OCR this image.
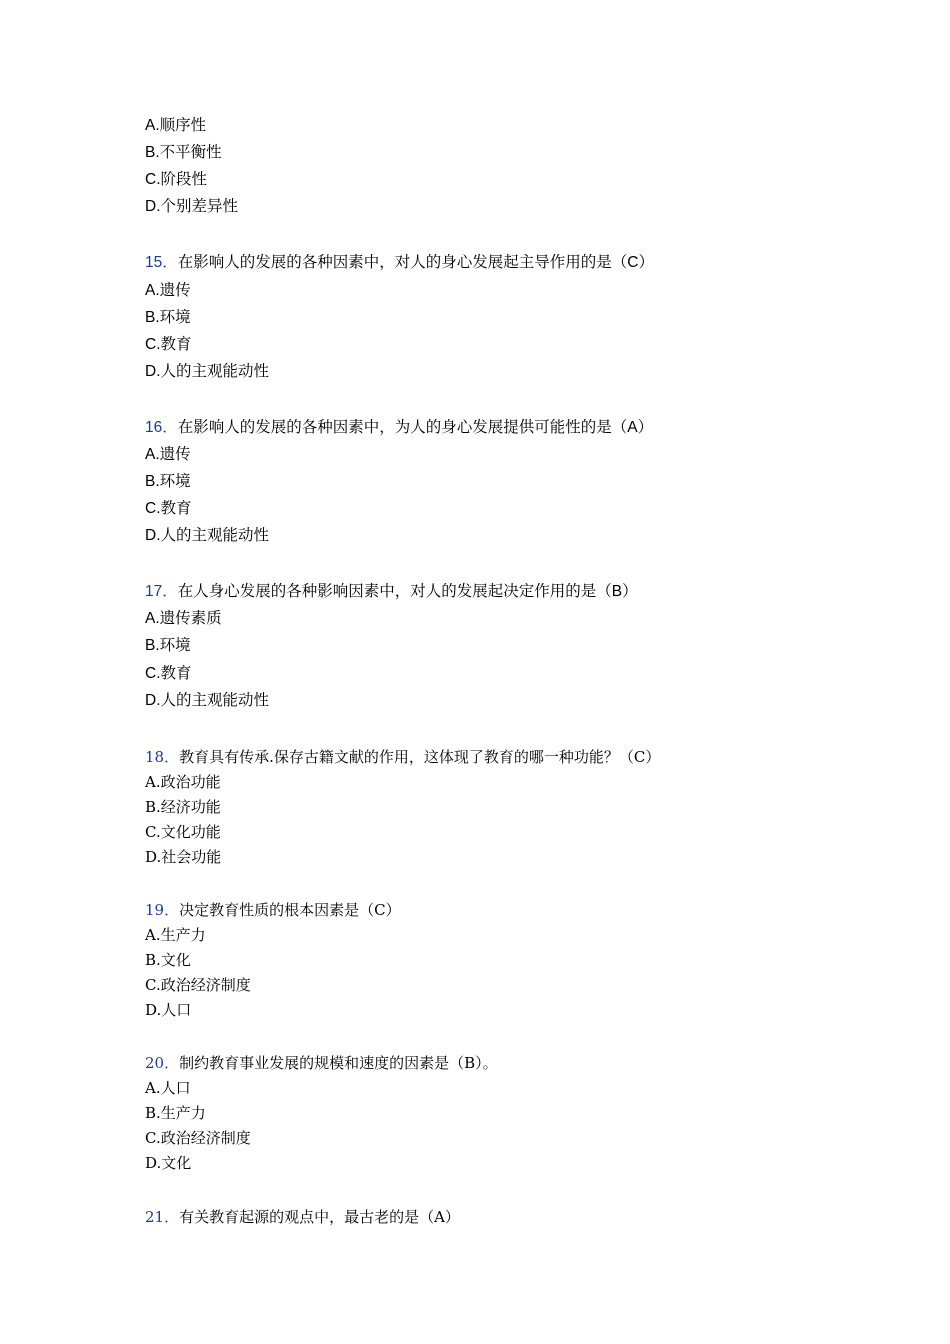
A.顺序性
B.不平衡性
C.阶段性
D.个别差异性
15．在影响人的发展的各种因素中，对人的身心发展起主导作用的是（C）
A.遗传
B.环境
C.教育
D.人的主观能动性
16．在影响人的发展的各种因素中，为人的身心发展提供可能性的是（A）
A.遗传
B.环境
C.教育
D.人的主观能动性
17．在人身心发展的各种影响因素中，对人的发展起决定作用的是（B）
A.遗传素质
B.环境
C.教育
D.人的主观能动性
18．教育具有传承.保存古籍文献的作用，这体现了教育的哪一种功能？（C）
A.政治功能
B.经济功能
C.文化功能
D.社会功能
19．决定教育性质的根本因素是（C）
A.生产力
B.文化
C.政治经济制度
D.人口
20．制约教育事业发展的规模和速度的因素是（B）。
A.人口
B.生产力
C.政治经济制度
D.文化
21．有关教育起源的观点中，最古老的是（A）
